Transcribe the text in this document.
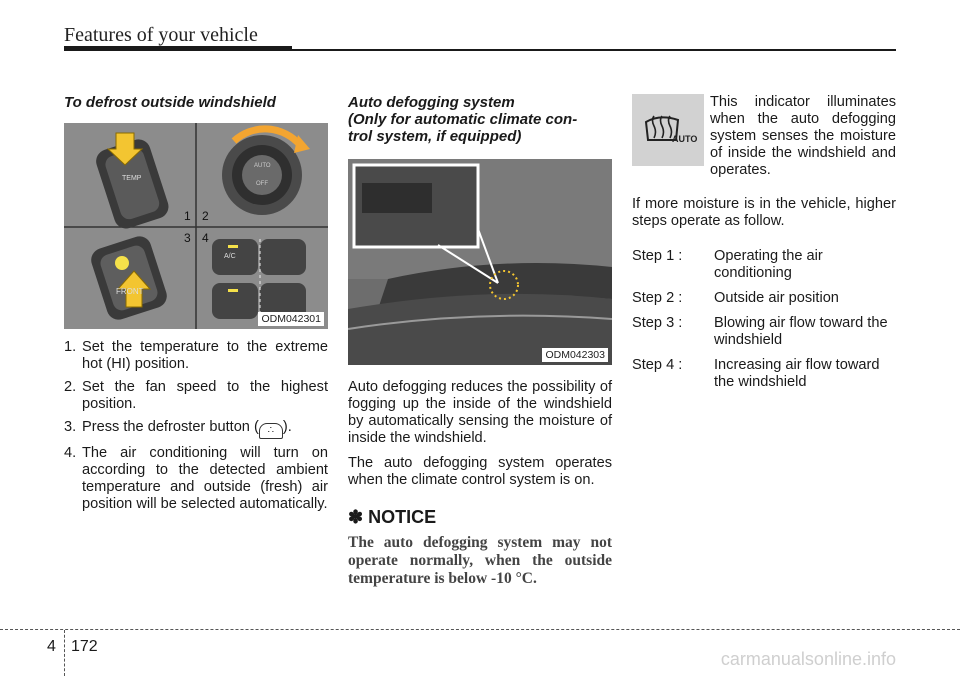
Features of your vehicle

To defrost outside windshield

1 2
3 4
TEMP
FRONT
AUTO
OFF
A/C
ODM042301
1. Set the temperature to the extreme hot (HI) position.
2. Set the fan speed to the highest position.
3. Press the defroster button ( ∴ ).
4. The air conditioning will turn on according to the detected ambient temperature and outside (fresh) air position will be selected automatically.

Auto defogging system
(Only for automatic climate con-
trol system, if equipped)

ODM042303

Auto defogging reduces the possibility of fogging up the inside of the windshield by automatically sensing the moisture of inside the windshield.

The auto defogging system operates when the climate control system is on.

✽ NOTICE

The auto defogging system may not operate normally, when the outside temperature is below -10 °C.

AUTO

This indicator illuminates when the auto defogging system senses the moisture of inside the windshield and operates.

If more moisture is in the vehicle, higher steps operate as follow.

Step 1 :	Operating the air conditioning
Step 2 :	Outside air position
Step 3 :	Blowing air flow toward the windshield
Step 4 :	Increasing air flow toward the windshield
4 172
carmanualsonline.info
